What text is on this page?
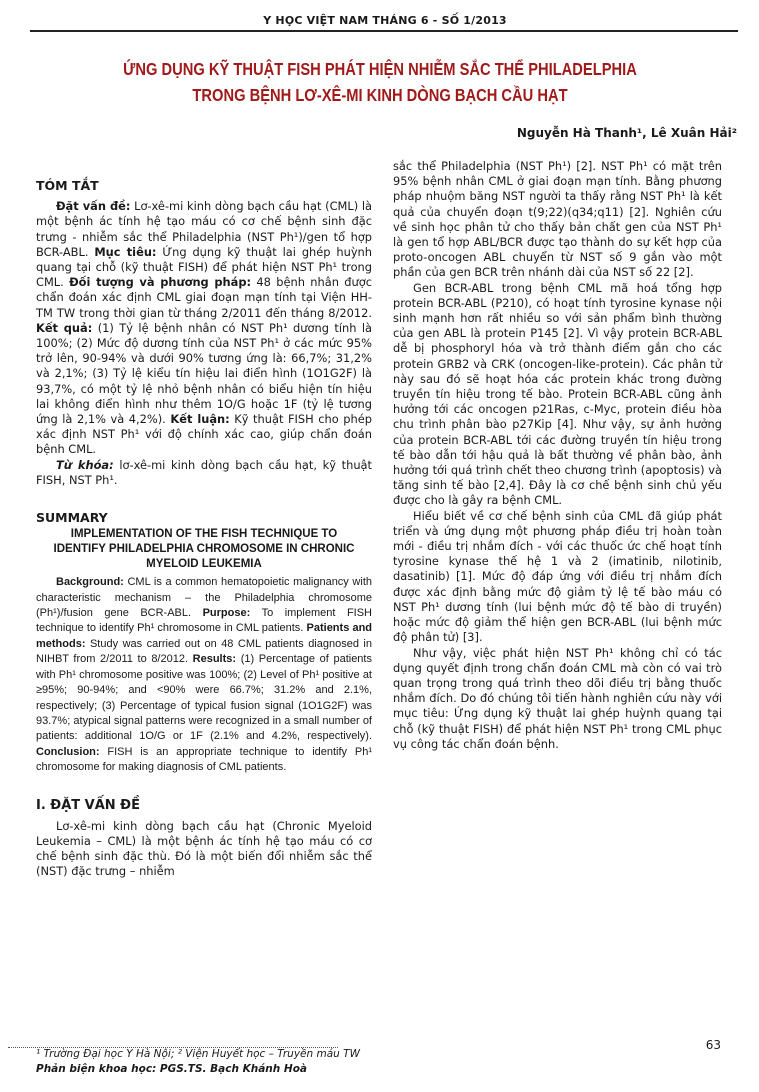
Y HỌC VIỆT NAM THÁNG 6 - SỐ 1/2013
ỨNG DỤNG KỸ THUẬT FISH PHÁT HIỆN NHIỄM SẮC THỂ PHILADELPHIA
TRONG BỆNH LƠ-XÊ-MI KINH DÒNG BẠCH CẦU HẠT
Nguyễn Hà Thanh¹, Lê Xuân Hải²
TÓM TẮT

Đặt vấn đề: Lơ-xê-mi kinh dòng bạch cầu hạt (CML) là một bệnh ác tính hệ tạo máu có cơ chế bệnh sinh đặc trưng - nhiễm sắc thể Philadelphia (NST Ph¹)/gen tổ hợp BCR-ABL. Mục tiêu: Ứng dụng kỹ thuật lai ghép huỳnh quang tại chỗ (kỹ thuật FISH) để phát hiện NST Ph¹ trong CML. Đối tượng và phương pháp: 48 bệnh nhân được chẩn đoán xác định CML giai đoạn mạn tính tại Viện HH-TM TW trong thời gian từ tháng 2/2011 đến tháng 8/2012. Kết quả: (1) Tỷ lệ bệnh nhân có NST Ph¹ dương tính là 100%; (2) Mức độ dương tính của NST Ph¹ ở các mức 95% trở lên, 90-94% và dưới 90% tương ứng là: 66,7%; 31,2% và 2,1%; (3) Tỷ lệ kiểu tín hiệu lai điển hình (1O1G2F) là 93,7%, có một tỷ lệ nhỏ bệnh nhân có biểu hiện tín hiệu lai không điển hình như thêm 1O/G hoặc 1F (tỷ lệ tương ứng là 2,1% và 4,2%). Kết luận: Kỹ thuật FISH cho phép xác định NST Ph¹ với độ chính xác cao, giúp chẩn đoán bệnh CML.

Từ khóa: lơ-xê-mi kinh dòng bạch cầu hạt, kỹ thuật FISH, NST Ph¹.

SUMMARY
IMPLEMENTATION OF THE FISH TECHNIQUE TO IDENTIFY PHILADELPHIA CHROMOSOME IN CHRONIC MYELOID LEUKEMIA

Background: CML is a common hematopoietic malignancy with characteristic mechanism – the Philadelphia chromosome (Ph¹)/fusion gene BCR-ABL. Purpose: To implement FISH technique to identify Ph¹ chromosome in CML patients. Patients and methods: Study was carried out on 48 CML patients diagnosed in NIHBT from 2/2011 to 8/2012. Results: (1) Percentage of patients with Ph¹ chromosome positive was 100%; (2) Level of Ph¹ positive at ≥95%; 90-94%; and <90% were 66.7%; 31.2% and 2.1%, respectively; (3) Percentage of typical fusion signal (1O1G2F) was 93.7%; atypical signal patterns were recognized in a small number of patients: additional 1O/G or 1F (2.1% and 4.2%, respectively). Conclusion: FISH is an appropriate technique to identify Ph¹ chromosome for making diagnosis of CML patients.

I. ĐẶT VẤN ĐỀ

Lơ-xê-mi kinh dòng bạch cầu hạt (Chronic Myeloid Leukemia – CML) là một bệnh ác tính hệ tạo máu có cơ chế bệnh sinh đặc thù. Đó là một biến đổi nhiễm sắc thể (NST) đặc trưng – nhiễm

sắc thể Philadelphia (NST Ph¹) [2]. NST Ph¹ có mặt trên 95% bệnh nhân CML ở giai đoạn mạn tính. Bằng phương pháp nhuộm băng NST người ta thấy rằng NST Ph¹ là kết quả của chuyển đoạn t(9;22)(q34;q11) [2]. Nghiên cứu về sinh học phân tử cho thấy bản chất gen của NST Ph¹ là gen tổ hợp ABL/BCR được tạo thành do sự kết hợp của proto-oncogen ABL chuyển từ NST số 9 gắn vào một phần của gen BCR trên nhánh dài của NST số 22 [2].

Gen BCR-ABL trong bệnh CML mã hoá tổng hợp protein BCR-ABL (P210), có hoạt tính tyrosine kynase nội sinh mạnh hơn rất nhiều so với sản phẩm bình thường của gen ABL là protein P145 [2]. Vì vậy protein BCR-ABL dễ bị phosphoryl hóa và trở thành điểm gắn cho các protein GRB2 và CRK (oncogen-like-protein). Các phân tử này sau đó sẽ hoạt hóa các protein khác trong đường truyền tín hiệu trong tế bào. Protein BCR-ABL cũng ảnh hưởng tới các oncogen p21Ras, c-Myc, protein điều hòa chu trình phân bào p27Kip [4]. Như vậy, sự ảnh hưởng của protein BCR-ABL tới các đường truyền tín hiệu trong tế bào dẫn tới hậu quả là bất thường về phân bào, ảnh hưởng tới quá trình chết theo chương trình (apoptosis) và tăng sinh tế bào [2,4]. Đây là cơ chế bệnh sinh chủ yếu được cho là gây ra bệnh CML.

Hiểu biết về cơ chế bệnh sinh của CML đã giúp phát triển và ứng dụng một phương pháp điều trị hoàn toàn mới - điều trị nhắm đích - với các thuốc ức chế hoạt tính tyrosine kynase thế hệ 1 và 2 (imatinib, nilotinib, dasatinib) [1]. Mức độ đáp ứng với điều trị nhắm đích được xác định bằng mức độ giảm tỷ lệ tế bào máu có NST Ph¹ dương tính (lui bệnh mức độ tế bào di truyền) hoặc mức độ giảm thể hiện gen BCR-ABL (lui bệnh mức độ phân tử) [3].

Như vậy, việc phát hiện NST Ph¹ không chỉ có tác dụng quyết định trong chẩn đoán CML mà còn có vai trò quan trọng trong quá trình theo dõi điều trị bằng thuốc nhắm đích. Do đó chúng tôi tiến hành nghiên cứu này với mục tiêu: Ứng dụng kỹ thuật lai ghép huỳnh quang tại chỗ (kỹ thuật FISH) để phát hiện NST Ph¹ trong CML phục vụ công tác chẩn đoán bệnh.

¹ Trường Đại học Y Hà Nội; ² Viện Huyết học – Truyền máu TW
Phản biện khoa học: PGS.TS. Bạch Khánh Hoà
63
